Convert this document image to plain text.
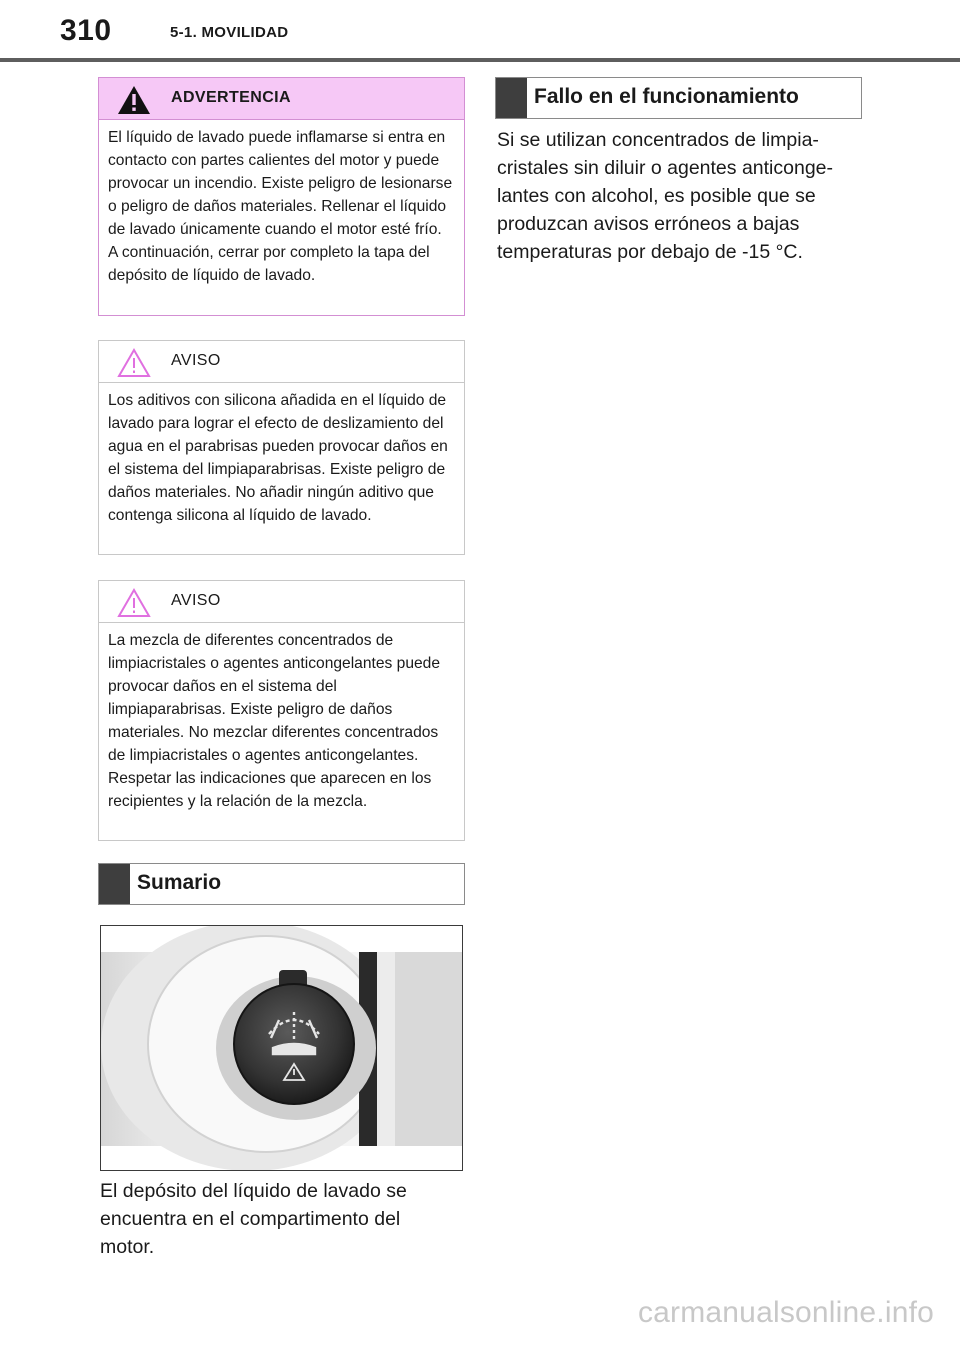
310	5-1. MOVILIDAD
ADVERTENCIA
El líquido de lavado puede inflamarse si entra en contacto con partes calientes del motor y puede provocar un incendio. Existe peligro de lesionarse o peligro de daños materiales. Rellenar el líquido de lavado únicamente cuando el motor esté frío. A continuación, cerrar por completo la tapa del depósito de líquido de lavado.
AVISO
Los aditivos con silicona añadida en el líquido de lavado para lograr el efecto de deslizamiento del agua en el parabrisas pueden provocar daños en el sistema del limpiaparabrisas. Existe peligro de daños materiales. No añadir ningún aditivo que contenga silicona al líquido de lavado.
AVISO
La mezcla de diferentes concentrados de limpiacristales o agentes anticongelantes puede provocar daños en el sistema del limpiaparabrisas. Existe peligro de daños materiales. No mezclar diferentes concentrados de limpiacristales o agentes anticongelantes. Respetar las indicaciones que aparecen en los recipientes y la relación de la mezcla.
Sumario
El depósito del líquido de lavado se encuentra en el compartimento del motor.
Fallo en el funcionamiento
Si se utilizan concentrados de limpiacristales sin diluir o agentes anticongelantes con alcohol, es posible que se produzcan avisos erróneos a bajas temperaturas por debajo de -15 °C.
carmanualsonline.info
